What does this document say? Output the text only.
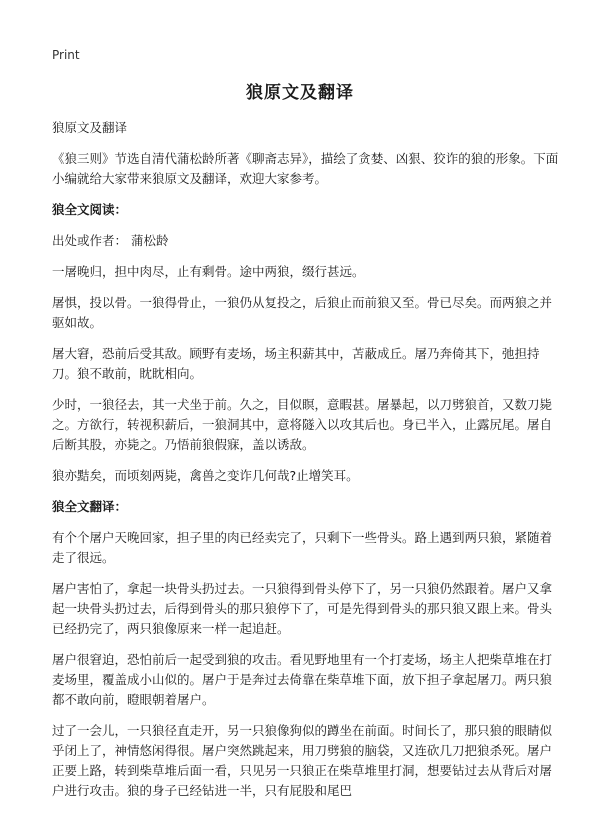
Print
狼原文及翻译

狼原文及翻译

《狼三则》节选自清代蒲松龄所著《聊斋志异》，描绘了贪婪、凶狠、狡诈的狼的形象。下面小编就给大家带来狼原文及翻译，欢迎大家参考。

狼全文阅读：

出处或作者： 蒲松龄

一屠晚归，担中肉尽，止有剩骨。途中两狼，缀行甚远。

屠惧，投以骨。一狼得骨止，一狼仍从复投之，后狼止而前狼又至。骨已尽矣。而两狼之并驱如故。

屠大窘，恐前后受其敌。顾野有麦场，场主积薪其中，苫蔽成丘。屠乃奔倚其下，弛担持刀。狼不敢前，眈眈相向。

少时，一狼径去，其一犬坐于前。久之，目似瞑，意暇甚。屠暴起，以刀劈狼首，又数刀毙之。方欲行，转视积薪后，一狼洞其中，意将隧入以攻其后也。身已半入，止露尻尾。屠自后断其股，亦毙之。乃悟前狼假寐，盖以诱敌。

狼亦黠矣，而顷刻两毙，禽兽之变诈几何哉?止增笑耳。

狼全文翻译：

有个个屠户天晚回家，担子里的肉已经卖完了，只剩下一些骨头。路上遇到两只狼，紧随着走了很远。

屠户害怕了，拿起一块骨头扔过去。一只狼得到骨头停下了，另一只狼仍然跟着。屠户又拿起一块骨头扔过去，后得到骨头的那只狼停下了，可是先得到骨头的那只狼又跟上来。骨头已经扔完了，两只狼像原来一样一起追赶。

屠户很窘迫，恐怕前后一起受到狼的攻击。看见野地里有一个打麦场，场主人把柴草堆在打麦场里，覆盖成小山似的。屠户于是奔过去倚靠在柴草堆下面，放下担子拿起屠刀。两只狼都不敢向前，瞪眼朝着屠户。

过了一会儿，一只狼径直走开，另一只狼像狗似的蹲坐在前面。时间长了，那只狼的眼睛似乎闭上了，神情悠闲得很。屠户突然跳起来，用刀劈狼的脑袋，又连砍几刀把狼杀死。屠户正要上路，转到柴草堆后面一看，只见另一只狼正在柴草堆里打洞，想要钻过去从背后对屠户进行攻击。狼的身子已经钻进一半，只有屁股和尾巴
